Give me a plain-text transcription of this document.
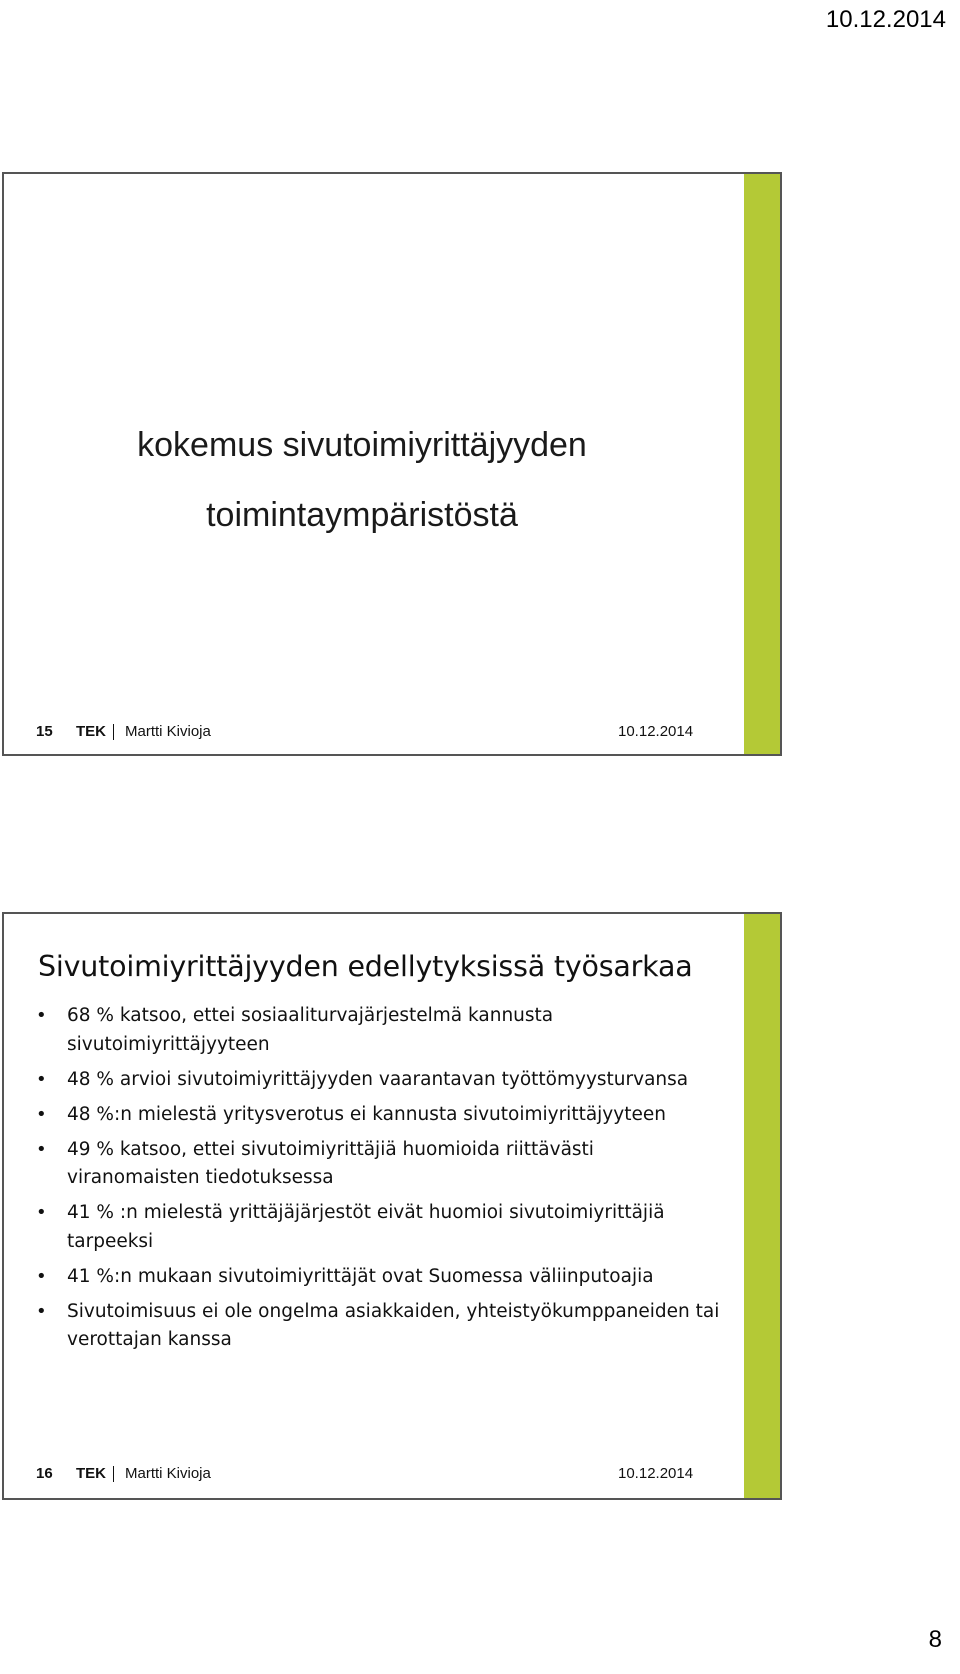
10.12.2014
kokemus sivutoimiyrittäjyyden
toimintaympäristöstä
15 TEK Martti Kivioja	10.12.2014
Sivutoimiyrittäjyyden edellytyksissä työsarkaa
• 68 % katsoo, ettei sosiaaliturvajärjestelmä kannusta sivutoimiyrittäjyyteen
• 48 % arvioi sivutoimiyrittäjyyden vaarantavan työttömyysturvansa
• 48 %:n mielestä yritysverotus ei kannusta sivutoimiyrittäjyyteen
• 49 % katsoo, ettei sivutoimiyrittäjiä huomioida riittävästi viranomaisten tiedotuksessa
• 41 % :n mielestä yrittäjäjärjestöt eivät huomioi sivutoimiyrittäjiä tarpeeksi
• 41 %:n mukaan sivutoimiyrittäjät ovat Suomessa väliinputoajia
• Sivutoimisuus ei ole ongelma asiakkaiden, yhteistyökumppaneiden tai verottajan kanssa
16 TEK Martti Kivioja	10.12.2014
8
